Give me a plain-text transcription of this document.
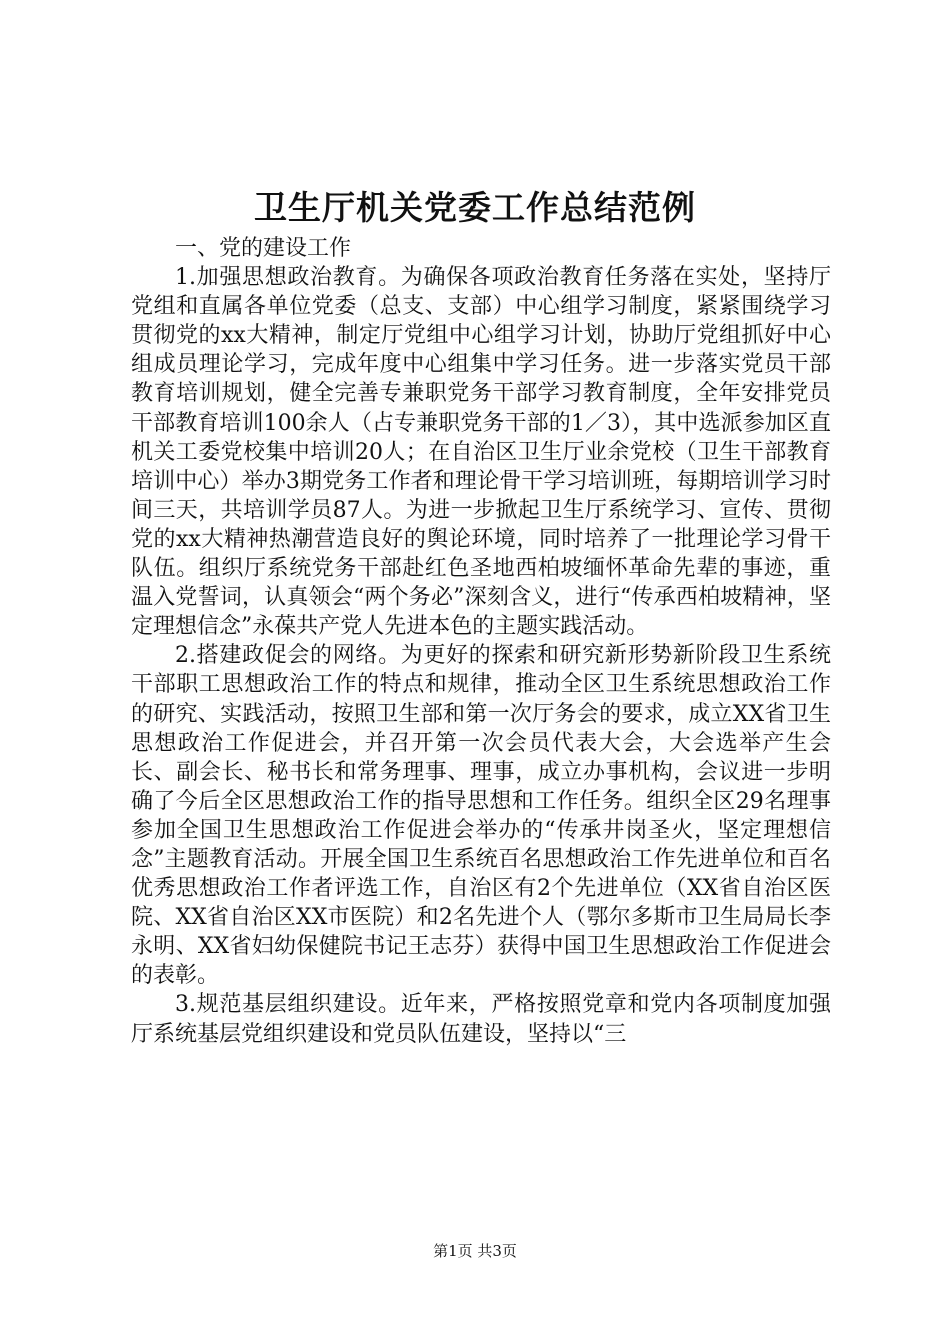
卫生厅机关党委工作总结范例

一、党的建设工作

1.加强思想政治教育。为确保各项政治教育任务落在实处，坚持厅党组和直属各单位党委（总支、支部）中心组学习制度，紧紧围绕学习贯彻党的xx大精神，制定厅党组中心组学习计划，协助厅党组抓好中心组成员理论学习，完成年度中心组集中学习任务。进一步落实党员干部教育培训规划，健全完善专兼职党务干部学习教育制度，全年安排党员干部教育培训100余人（占专兼职党务干部的1／3），其中选派参加区直机关工委党校集中培训20人；在自治区卫生厅业余党校（卫生干部教育培训中心）举办3期党务工作者和理论骨干学习培训班，每期培训学习时间三天，共培训学员87人。为进一步掀起卫生厅系统学习、宣传、贯彻党的xx大精神热潮营造良好的舆论环境，同时培养了一批理论学习骨干队伍。组织厅系统党务干部赴红色圣地西柏坡缅怀革命先辈的事迹，重温入党誓词，认真领会“两个务必”深刻含义，进行“传承西柏坡精神，坚定理想信念”永葆共产党人先进本色的主题实践活动。

2.搭建政促会的网络。为更好的探索和研究新形势新阶段卫生系统干部职工思想政治工作的特点和规律，推动全区卫生系统思想政治工作的研究、实践活动，按照卫生部和第一次厅务会的要求，成立XX省卫生思想政治工作促进会，并召开第一次会员代表大会，大会选举产生会长、副会长、秘书长和常务理事、理事，成立办事机构，会议进一步明确了今后全区思想政治工作的指导思想和工作任务。组织全区29名理事参加全国卫生思想政治工作促进会举办的“传承井岗圣火，坚定理想信念”主题教育活动。开展全国卫生系统百名思想政治工作先进单位和百名优秀思想政治工作者评选工作，自治区有2个先进单位（XX省自治区医院、XX省自治区XX市医院）和2名先进个人（鄂尔多斯市卫生局局长李永明、XX省妇幼保健院书记王志芬）获得中国卫生思想政治工作促进会的表彰。

3.规范基层组织建设。近年来，严格按照党章和党内各项制度加强厅系统基层党组织建设和党员队伍建设，坚持以“三

第1页 共3页
